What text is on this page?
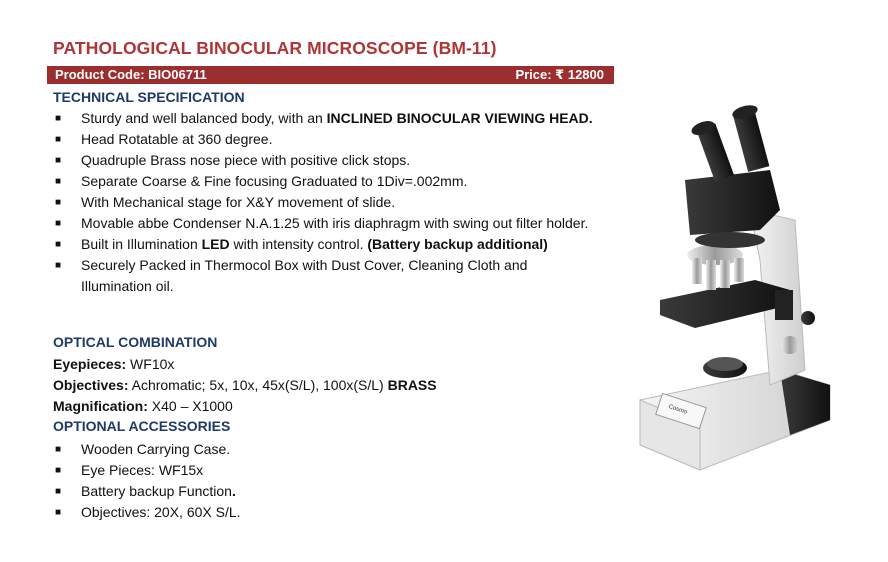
PATHOLOGICAL BINOCULAR MICROSCOPE (BM-11)
Product Code: BIO06711	Price: ₹ 12800
TECHNICAL SPECIFICATION
■ Sturdy and well balanced body, with an INCLINED BINOCULAR VIEWING HEAD.
■ Head Rotatable at 360 degree.
■ Quadruple Brass nose piece with positive click stops.
■ Separate Coarse & Fine focusing Graduated to 1Div=.002mm.
■ With Mechanical stage for X&Y movement of slide.
■ Movable abbe Condenser N.A.1.25 with iris diaphragm with swing out filter holder.
■ Built in Illumination LED with intensity control. (Battery backup additional)
■ Securely Packed in Thermocol Box with Dust Cover, Cleaning Cloth and Illumination oil.
OPTICAL COMBINATION
Eyepieces: WF10x
Objectives: Achromatic; 5x, 10x, 45x(S/L), 100x(S/L) BRASS
Magnification: X40 – X1000
OPTIONAL ACCESSORIES
■ Wooden Carrying Case.
■ Eye Pieces: WF15x
■ Battery backup Function.
■ Objectives: 20X, 60X S/L.
Cosmo
